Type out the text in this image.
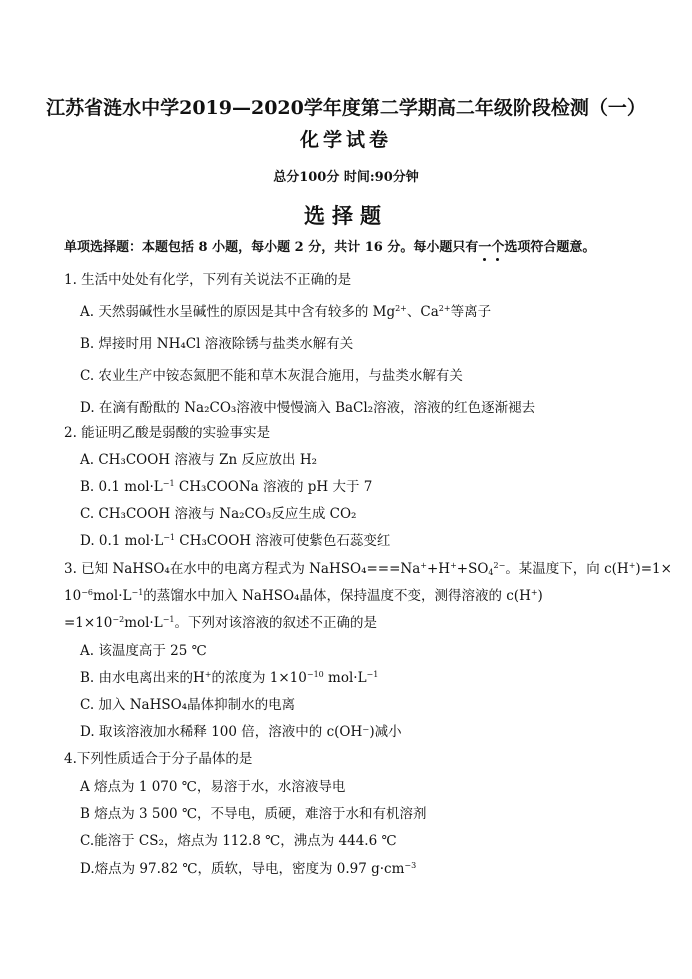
江苏省涟水中学2019—2020学年度第二学期高二年级阶段检测（一）
化学试卷
总分100分 时间:90分钟
选择题
单项选择题：本题包括 8 小题，每小题 2 分，共计 16 分。每小题只有一个选项符合题意。
1. 生活中处处有化学，下列有关说法不正确的是
A. 天然弱碱性水呈碱性的原因是其中含有较多的 $Mg^{2+}$、$Ca^{2+}$等离子
B. 焊接时用 NH₄Cl 溶液除锈与盐类水解有关
C. 农业生产中铵态氮肥不能和草木灰混合施用，与盐类水解有关
D. 在滴有酚酞的 Na₂CO₃溶液中慢慢滴入 BaCl₂溶液，溶液的红色逐渐褪去
2. 能证明乙酸是弱酸的实验事实是
A. CH₃COOH 溶液与 Zn 反应放出 H₂
B. 0.1 $mol\cdot L^{-1}$ CH₃COONa 溶液的 pH 大于 7
C. CH₃COOH 溶液与 Na₂CO₃反应生成 CO₂
D. 0.1 $mol\cdot L^{-1}$ CH₃COOH 溶液可使紫色石蕊变红
3. 已知 NaHSO₄在水中的电离方程式为 $NaHSO_4===Na^++H^++SO_4^{2-}$。某温度下，向 c(H+)=1×
$10^{-6}mol\cdot L^{-1}$的蒸馏水中加入 NaHSO₄晶体，保持温度不变，测得溶液的 c(H+)
$=1\times 10^{-2}mol\cdot L^{-1}$。下列对该溶液的叙述不正确的是
A. 该温度高于 25 ℃
B. 由水电离出来的H+的浓度为 $1\times 10^{-10}$ $mol\cdot L^{-1}$
C. 加入 NaHSO₄晶体抑制水的电离
D. 取该溶液加水稀释 100 倍，溶液中的 c(OH⁻)减小
4.下列性质适合于分子晶体的是
A 熔点为 1 070 ℃，易溶于水，水溶液导电
B 熔点为 3 500 ℃，不导电，质硬，难溶于水和有机溶剂
C.能溶于 CS₂，熔点为 112.8 ℃，沸点为 444.6 ℃
D.熔点为 97.82 ℃，质软，导电，密度为 0.97 $g\cdot cm^{-3}$
